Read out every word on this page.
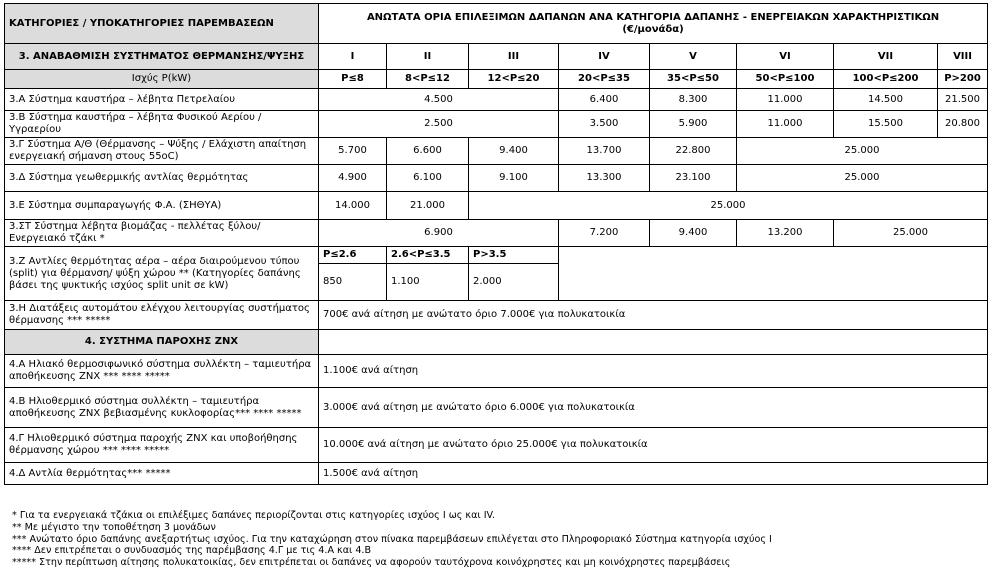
ΚΑΤΗΓΟΡΙΕΣ / ΥΠΟΚΑΤΗΓΟΡΙΕΣ ΠΑΡΕΜΒΑΣΕΩΝ	ΑΝΩΤΑΤΑ ΟΡΙΑ ΕΠΙΛΕΞΙΜΩΝ ΔΑΠΑΝΩΝ ΑΝΑ ΚΑΤΗΓΟΡΙΑ ΔΑΠΑΝΗΣ - ΕΝΕΡΓΕΙΑΚΩΝ ΧΑΡΑΚΤΗΡΙΣΤΙΚΩΝ
(€/μονάδα)							
3. ΑΝΑΒΑΘΜΙΣΗ ΣΥΣΤΗΜΑΤΟΣ ΘΕΡΜΑΝΣΗΣ/ΨΥΞΗΣ	I	II	III	IV	V	VI	VII	VIII
Ισχύς P(kW)	P≤8	8<P≤12	12<P≤20	20<P≤35	35<P≤50	50<P≤100	100<P≤200	P>200
3.Α Σύστημα καυστήρα – λέβητα Πετρελαίου	4.500			6.400	8.300	11.000	14.500	21.500
3.Β Σύστημα καυστήρα – λέβητα Φυσικού Αερίου / Υγραερίου	2.500			3.500	5.900	11.000	15.500	20.800
3.Γ Σύστημα Α/Θ (Θέρμανσης – Ψύξης / Ελάχιστη απαίτηση ενεργειακή σήμανση στους 55oC)	5.700	6.600	9.400	13.700	22.800	25.000		
3.Δ Σύστημα γεωθερμικής αντλίας θερμότητας	4.900	6.100	9.100	13.300	23.100	25.000		
3.Ε Σύστημα συμπαραγωγής Φ.Α. (ΣΗΘΥΑ)	14.000	21.000	25.000					
3.ΣΤ Σύστημα λέβητα βιομάζας - πελλέτας ξύλου/ Ενεργειακό τζάκι *	6.900			7.200	9.400	13.200	25.000	
3.Ζ Αντλίες θερμότητας αέρα – αέρα διαιρούμενου τύπου (split) για θέρμανση/ ψύξη χώρου ** (Κατηγορίες δαπάνης βάσει της ψυκτικής ισχύος split unit σε kW)	P≤2.6	2.6<P≤3.5	P>3.5					
	850	1.100	2.000					
3.Η Διατάξεις αυτομάτου ελέγχου λειτουργίας συστήματος θέρμανσης *** *****	700€ ανά αίτηση με ανώτατο όριο 7.000€ για πολυκατοικία							
4. ΣΥΣΤΗΜΑ ΠΑΡΟΧΗΣ ΖΝΧ								
4.Α Ηλιακό θερμοσιφωνικό σύστημα συλλέκτη – ταμιευτήρα αποθήκευσης ΖΝΧ *** **** *****	1.100€ ανά αίτηση							
4.Β Ηλιοθερμικό σύστημα συλλέκτη – ταμιευτήρα αποθήκευσης ΖΝΧ βεβιασμένης κυκλοφορίας*** **** *****	3.000€ ανά αίτηση με ανώτατο όριο 6.000€ για πολυκατοικία							
4.Γ Ηλιοθερμικό σύστημα παροχής ΖΝΧ και υποβοήθησης θέρμανσης χώρου *** **** *****	10.000€ ανά αίτηση με ανώτατο όριο 25.000€ για πολυκατοικία							
4.Δ Αντλία θερμότητας*** *****	1.500€ ανά αίτηση							
* Για τα ενεργειακά τζάκια οι επιλέξιμες δαπάνες περιορίζονται στις κατηγορίες ισχύος I ως και IV.
** Με μέγιστο την τοποθέτηση 3 μονάδων
*** Ανώτατο όριο δαπάνης ανεξαρτήτως ισχύος. Για την καταχώρηση στον πίνακα παρεμβάσεων επιλέγεται στο Πληροφοριακό Σύστημα κατηγορία ισχύος I
**** Δεν επιτρέπεται ο συνδυασμός της παρέμβασης 4.Γ με τις 4.Α και 4.Β
***** Στην περίπτωση αίτησης πολυκατοικίας, δεν επιτρέπεται οι δαπάνες να αφορούν ταυτόχρονα κοινόχρηστες και μη κοινόχρηστες παρεμβάσεις
